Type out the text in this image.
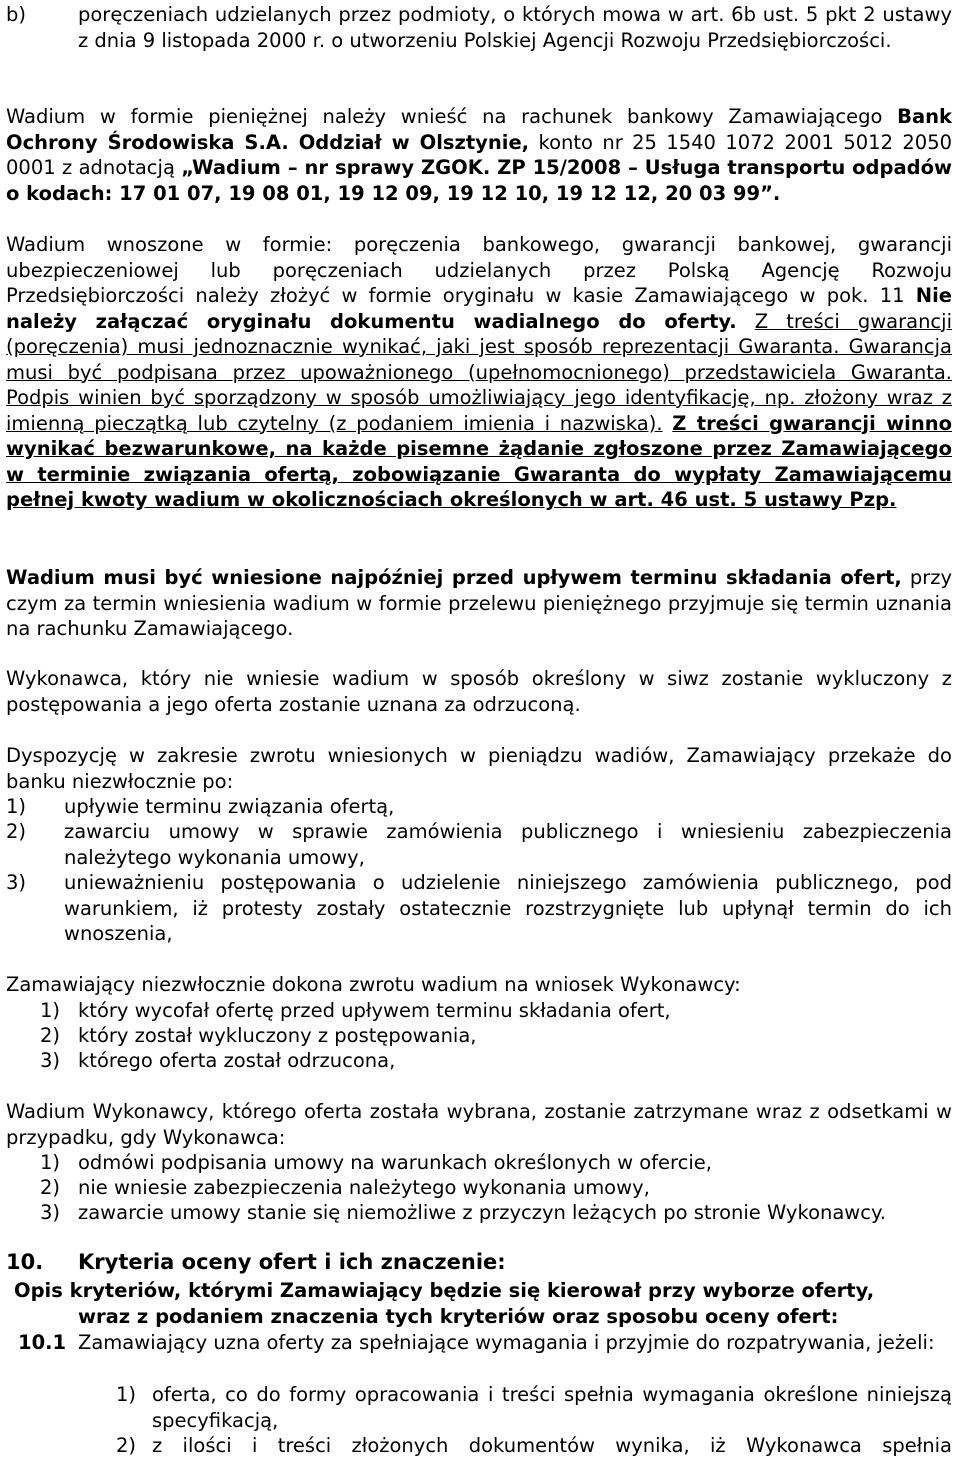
b)	poręczeniach udzielanych przez podmioty, o których mowa w art. 6b ust. 5 pkt 2 ustawy z dnia 9 listopada 2000 r. o utworzeniu Polskiej Agencji Rozwoju Przedsiębiorczości.
Wadium w formie pieniężnej należy wnieść na rachunek bankowy Zamawiającego Bank Ochrony Środowiska S.A. Oddział w Olsztynie, konto nr 25 1540 1072 2001 5012 2050 0001 z adnotacją „Wadium – nr sprawy ZGOK. ZP 15/2008 – Usługa transportu odpadów o kodach: 17 01 07, 19 08 01, 19 12 09, 19 12 10, 19 12 12, 20 03 99”.
Wadium wnoszone w formie: poręczenia bankowego, gwarancji bankowej, gwarancji ubezpieczeniowej lub poręczeniach udzielanych przez Polską Agencję Rozwoju Przedsiębiorczości należy złożyć w formie oryginału w kasie Zamawiającego w pok. 11 Nie należy załączać oryginału dokumentu wadialnego do oferty. Z treści gwarancji (poręczenia) musi jednoznacznie wynikać, jaki jest sposób reprezentacji Gwaranta. Gwarancja musi być podpisana przez upoważnionego (upełnomocnionego) przedstawiciela Gwaranta. Podpis winien być sporządzony w sposób umożliwiający jego identyfikację, np. złożony wraz z imienną pieczątką lub czytelny (z podaniem imienia i nazwiska). Z treści gwarancji winno wynikać bezwarunkowe, na każde pisemne żądanie zgłoszone przez Zamawiającego w terminie związania ofertą, zobowiązanie Gwaranta do wypłaty Zamawiającemu pełnej kwoty wadium w okolicznościach określonych w art. 46 ust. 5 ustawy Pzp.
Wadium musi być wniesione najpóźniej przed upływem terminu składania ofert, przy czym za termin wniesienia wadium w formie przelewu pieniężnego przyjmuje się termin uznania na rachunku Zamawiającego.
Wykonawca, który nie wniesie wadium w sposób określony w siwz zostanie wykluczony z postępowania a jego oferta zostanie uznana za odrzuconą.
Dyspozycję w zakresie zwrotu wniesionych w pieniądzu wadiów, Zamawiający przekaże do banku niezwłocznie po:
1) upływie terminu związania ofertą,
2) zawarciu umowy w sprawie zamówienia publicznego i wniesieniu zabezpieczenia należytego wykonania umowy,
3) unieważnieniu postępowania o udzielenie niniejszego zamówienia publicznego, pod warunkiem, iż protesty zostały ostatecznie rozstrzygnięte lub upłynął termin do ich wnoszenia,
Zamawiający niezwłocznie dokona zwrotu wadium na wniosek Wykonawcy:
1) który wycofał ofertę przed upływem terminu składania ofert,
2) który został wykluczony z postępowania,
3) którego oferta został odrzucona,
Wadium Wykonawcy, którego oferta została wybrana, zostanie zatrzymane wraz z odsetkami w przypadku, gdy Wykonawca:
1) odmówi podpisania umowy na warunkach określonych w ofercie,
2) nie wniesie zabezpieczenia należytego wykonania umowy,
3) zawarcie umowy stanie się niemożliwe z przyczyn leżących po stronie Wykonawcy.
10. Kryteria oceny ofert i ich znaczenie:
Opis kryteriów, którymi Zamawiający będzie się kierował przy wyborze oferty,
wraz z podaniem znaczenia tych kryteriów oraz sposobu oceny ofert:
10.1 Zamawiający uzna oferty za spełniające wymagania i przyjmie do rozpatrywania, jeżeli:
1) oferta, co do formy opracowania i treści spełnia wymagania określone niniejszą specyfikacją,
2) z ilości i treści złożonych dokumentów wynika, iż Wykonawca spełnia
